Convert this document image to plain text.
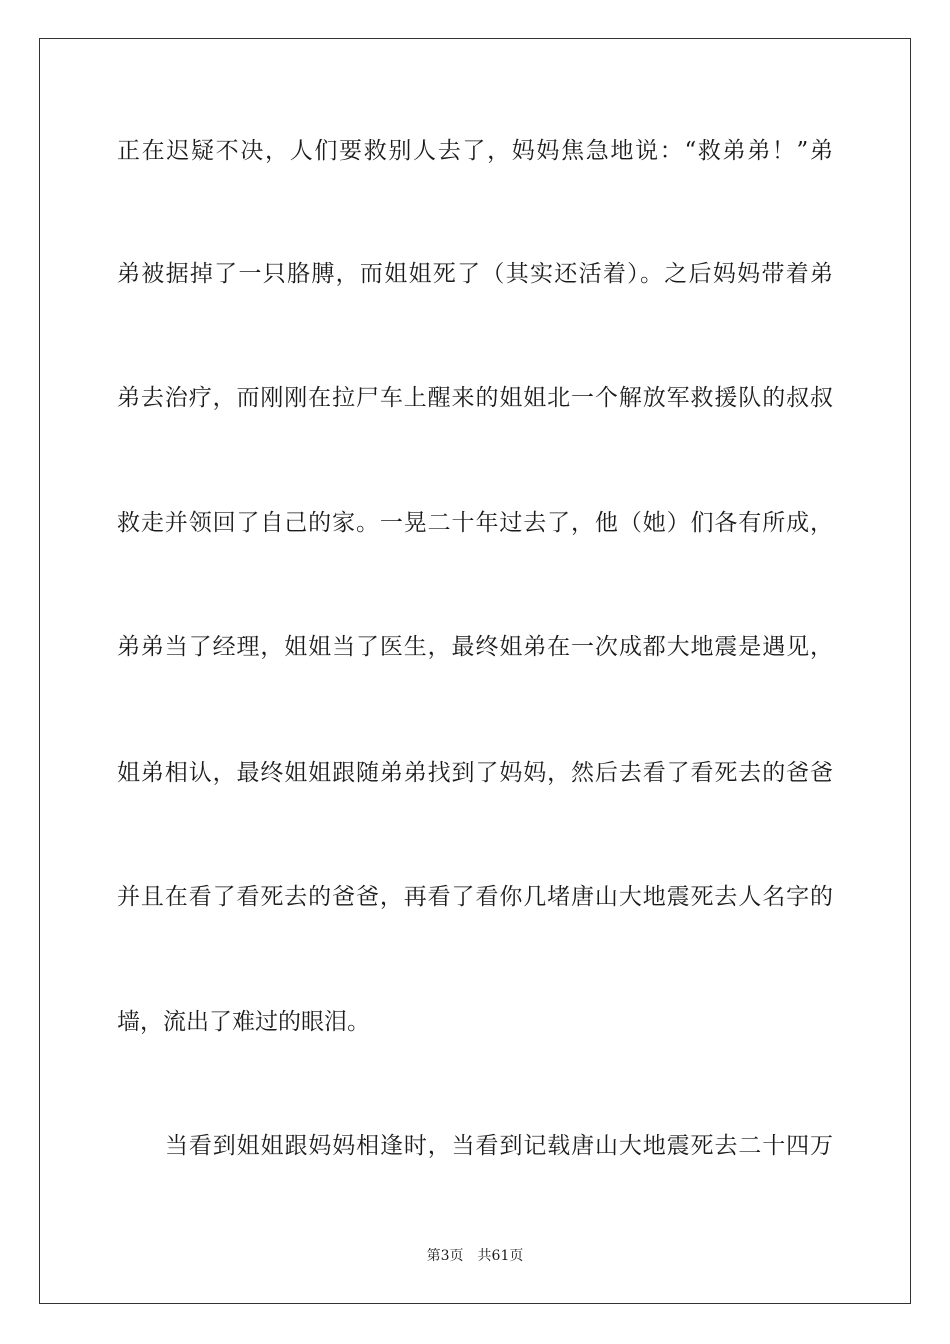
正在迟疑不决，人们要救别人去了，妈妈焦急地说：“救弟弟！”弟
弟被据掉了一只胳膊，而姐姐死了（其实还活着）。之后妈妈带着弟
弟去治疗，而刚刚在拉尸车上醒来的姐姐北一个解放军救援队的叔叔
救走并领回了自己的家。一晃二十年过去了，他（她）们各有所成，
弟弟当了经理，姐姐当了医生，最终姐弟在一次成都大地震是遇见，
姐弟相认，最终姐姐跟随弟弟找到了妈妈，然后去看了看死去的爸爸
并且在看了看死去的爸爸，再看了看你几堵唐山大地震死去人名字的
墙，流出了难过的眼泪。
当看到姐姐跟妈妈相逢时，当看到记载唐山大地震死去二十四万
第3页 共61页
